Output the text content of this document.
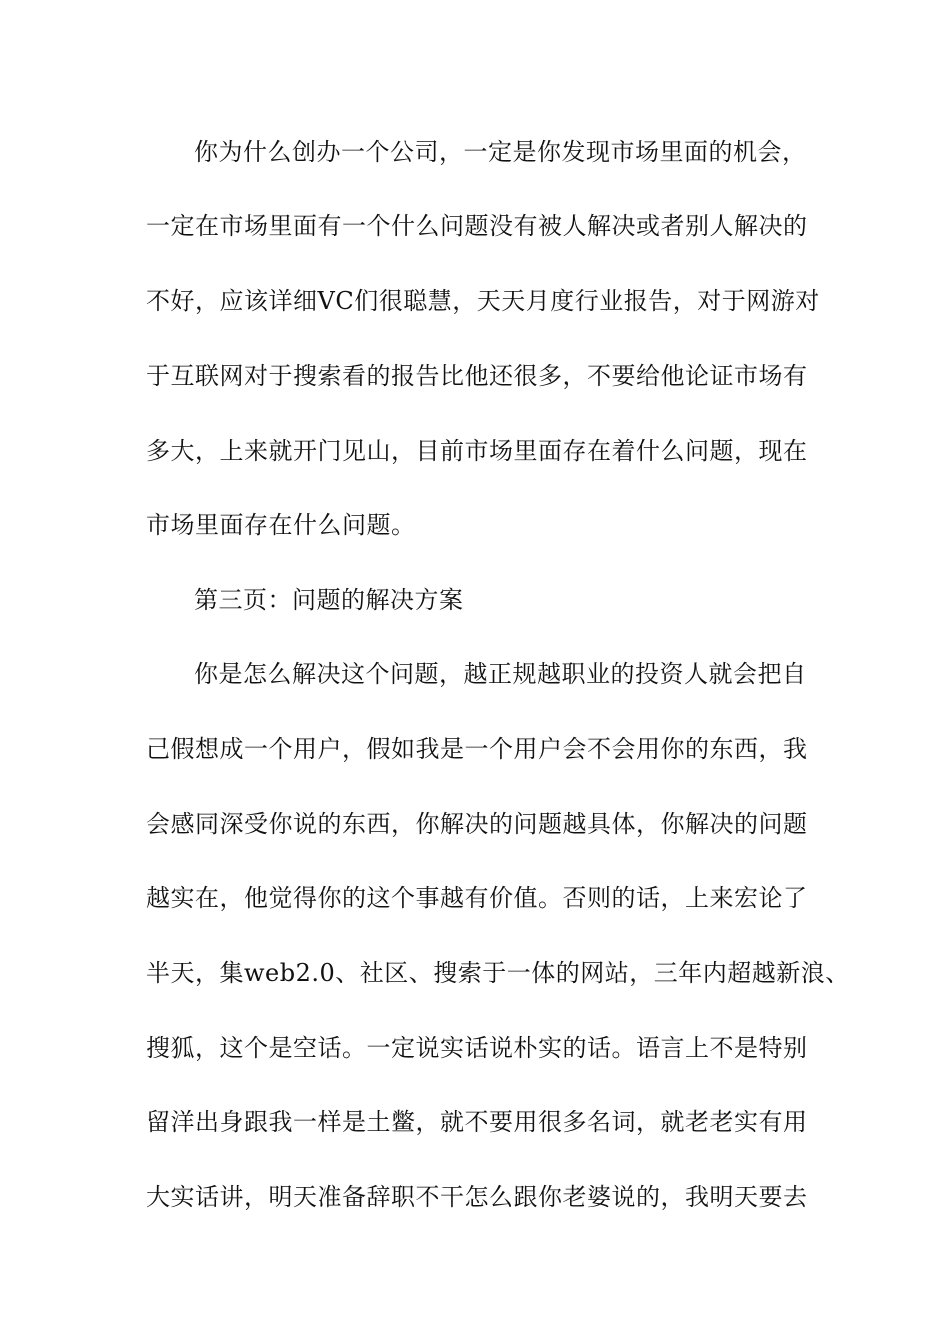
你为什么创办一个公司，一定是你发现市场里面的机会，
一定在市场里面有一个什么问题没有被人解决或者别人解决的
不好，应该详细VC们很聪慧，天天月度行业报告，对于网游对
于互联网对于搜索看的报告比他还很多，不要给他论证市场有
多大，上来就开门见山，目前市场里面存在着什么问题，现在
市场里面存在什么问题。
第三页：问题的解决方案
你是怎么解决这个问题，越正规越职业的投资人就会把自
己假想成一个用户，假如我是一个用户会不会用你的东西，我
会感同深受你说的东西，你解决的问题越具体，你解决的问题
越实在，他觉得你的这个事越有价值。否则的话，上来宏论了
半天，集web2.0、社区、搜索于一体的网站，三年内超越新浪、
搜狐，这个是空话。一定说实话说朴实的话。语言上不是特别
留洋出身跟我一样是土鳖，就不要用很多名词，就老老实有用
大实话讲，明天准备辞职不干怎么跟你老婆说的，我明天要去
